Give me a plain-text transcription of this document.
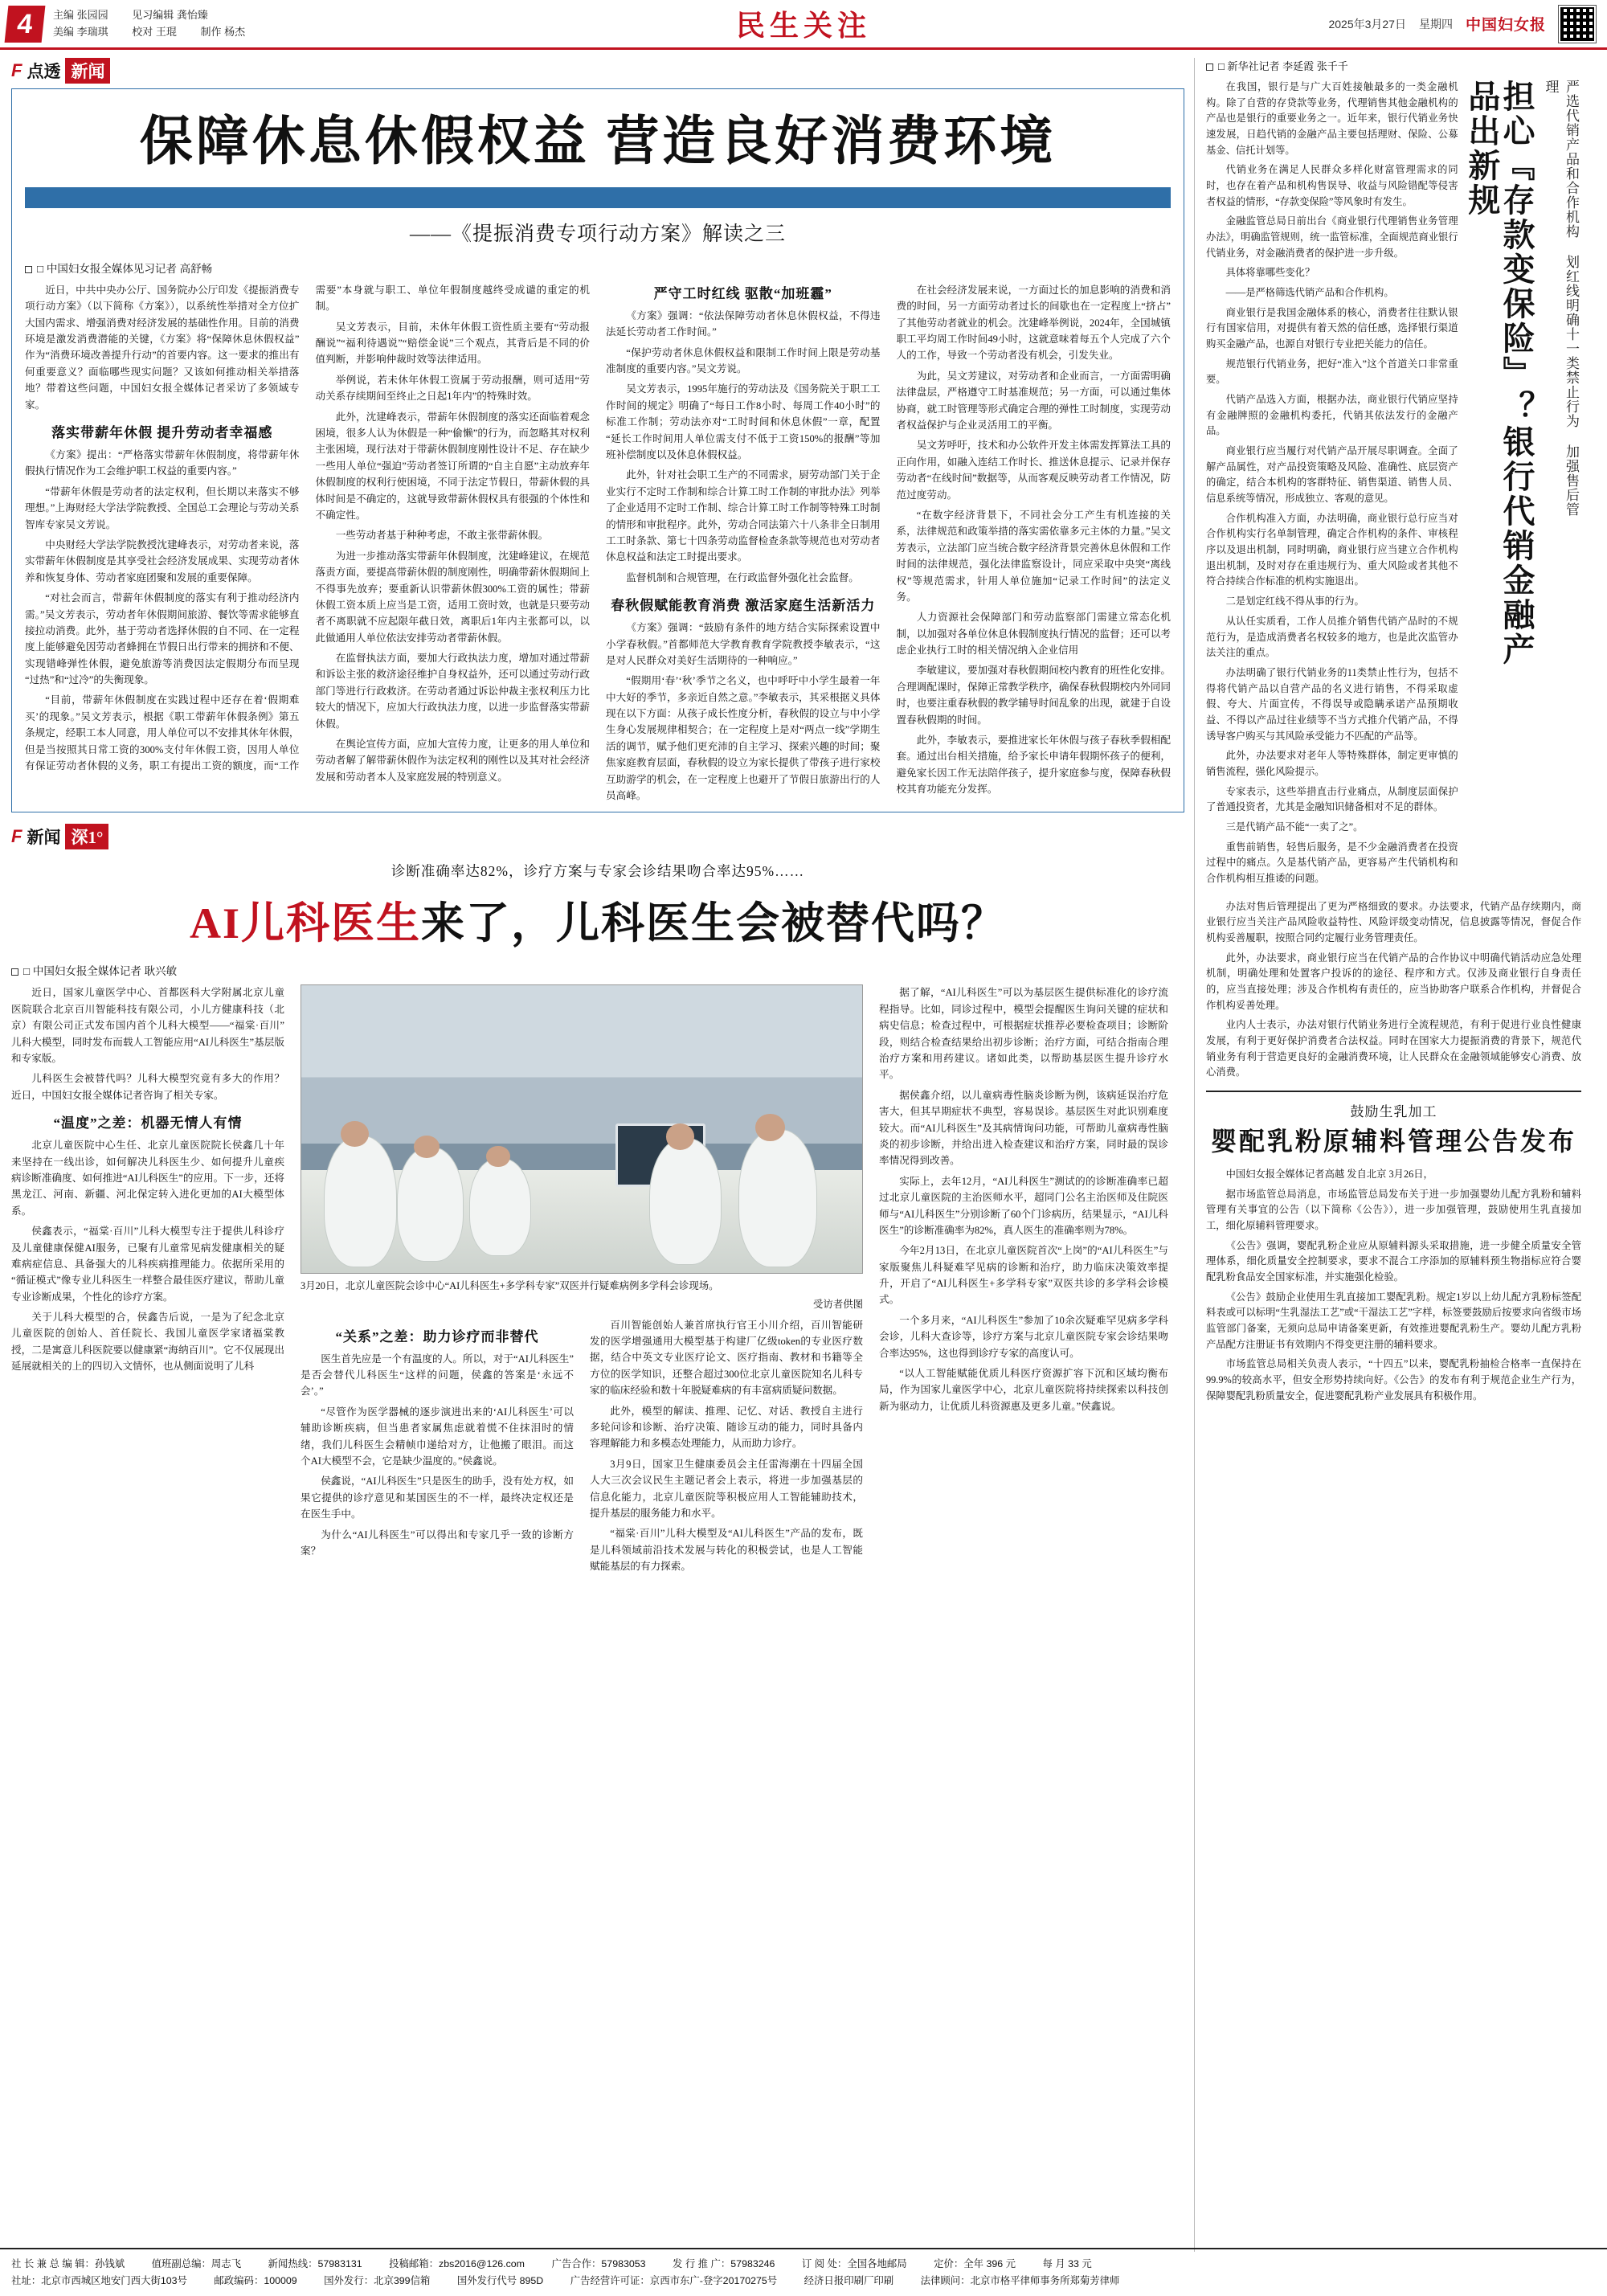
4	主编 张园园 见习编辑 龚怡臻
美编 李瑞琪 校对 王琨 制作 杨杰	民生关注	2025年3月27日 星期四 中国妇女报
F 点透 新闻
保障休息休假权益 营造良好消费环境
——《提振消费专项行动方案》解读之三
□ 中国妇女报全媒体见习记者 高舒畅

近日，中共中央办公厅、国务院办公厅印发《提振消费专项行动方案》（以下简称《方案》），以系统性举措对全方位扩大国内需求、增强消费对经济发展的基础性作用。目前的消费环境是激发消费潜能的关键，《方案》将“保障休息休假权益”作为“消费环境改善提升行动”的首要内容。这一要求的推出有何重要意义？面临哪些现实问题？又该如何推动相关举措落地？带着这些问题，中国妇女报全媒体记者采访了多领域专家。

落实带薪年休假 提升劳动者幸福感

《方案》提出：“严格落实带薪年休假制度，将带薪年休假执行情况作为工会维护职工权益的重要内容。”

“带薪年休假是劳动者的法定权利，但长期以来落实不够理想。”上海财经大学法学院教授、全国总工会理论与劳动关系智库专家吴文芳说。

中央财经大学法学院教授沈建峰表示，对劳动者来说，落实带薪年休假制度是其享受社会经济发展成果、实现劳动者休养和恢复身体、劳动者家庭团聚和发展的重要保障。

“对社会而言，带薪年休假制度的落实有利于推动经济内需。”吴文芳表示，劳动者年休假期间旅游、餐饮等需求能够直接拉动消费。此外，基于劳动者选择休假的自不同、在一定程度上能够避免因劳动者蜂拥在节假日出行带来的拥挤和不便、实现错峰弹性休假，避免旅游等消费因法定假期分布而呈现“过热”和“过冷”的失衡现象。

“目前，带薪年休假制度在实践过程中还存在着‘假期难买’的现象。”吴文芳表示，根据《职工带薪年休假条例》第五条规定，经职工本人同意，用人单位可以不安排其休年休假，但是当按照其日常工资的300%支付年休假工资，因用人单位有保证劳动者休假的义务，职工有提出工资的额度，而“工作需要”本身就与职工、单位年假制度越终受成谴的重定的机制。

吴文芳表示，目前，未休年休假工资性质主要有“劳动报酬说”“福利待遇说”“赔偿金说”三个观点，其背后是不同的价值判断，并影响仲裁时效等法律适用。

举例说，若未休年休假工资属于劳动报酬，则可适用“劳动关系存续期间至终止之日起1年内”的特殊时效。

此外，沈建峰表示，带薪年休假制度的落实还面临着观念困境，很多人认为休假是一种“偷懒”的行为，而忽略其对权利主张困境，现行法对于带薪休假制度刚性设计不足、存在缺少一些用人单位“强迫”劳动者签订所谓的“自主自愿”主动放弃年休假制度的权利行使困境，不同于法定节假日，带薪休假的具体时间是不确定的，这就导致带薪休假权具有很强的个体性和不确定性。

一些劳动者基于种种考虑，不敢主张带薪休假。

为进一步推动落实带薪年休假制度，沈建峰建议，在规范落责方面，要提高带薪休假的制度刚性，明确带薪休假期间上不得事先放弃；要重新认识带薪休假300%工资的属性；带薪休假工资本质上应当是工资，适用工资时效，也就是只要劳动者不离职就不应起限年截日效，离职后1年内主张都可以，以此做通用人单位依法安排劳动者带薪休假。

在监督执法方面，要加大行政执法力度，增加对通过带薪和诉讼主张的救济途径维护自身权益外，还可以通过劳动行政部门等进行行政救济。在劳动者通过诉讼仲裁主张权利压力比较大的情况下，应加大行政执法力度，以进一步监督落实带薪休假。

在舆论宣传方面，应加大宣传力度，让更多的用人单位和劳动者解了解带薪休假作为法定权利的刚性以及其对社会经济发展和劳动者本人及家庭发展的特别意义。

严守工时红线 驱散“加班霾”

《方案》强调：“依法保障劳动者休息休假权益，不得违法延长劳动者工作时间。”

“保护劳动者休息休假权益和限制工作时间上限是劳动基准制度的重要内容。”吴文芳说。

吴文芳表示，1995年施行的劳动法及《国务院关于职工工作时间的规定》明确了“每日工作8小时、每周工作40小时”的标准工作制；劳动法亦对“工时时间和休息休假”一章，配置“延长工作时间用人单位需支付不低于工资150%的报酬”等加班补偿制度以及休息休假权益。

此外，针对社会职工生产的不同需求，厨劳动部门关于企业实行不定时工作制和综合计算工时工作制的审批办法》列举了企业适用不定时工作制、综合计算工时工作制等特殊工时制的情形和审批程序。此外，劳动合同法第六十八条非全日制用工工时条款、第七十四条劳动监督检查条款等规范也对劳动者休息权益和法定工时提出要求。

监督机制和合规管理，在行政监督外强化社会监督。

春秋假赋能教育消费 激活家庭生活新活力

《方案》强调：“鼓励有条件的地方结合实际探索设置中小学春秋假。”首都师范大学教育教育学院教授李敏表示，“这是对人民群众对美好生活期待的一种响应。”

“假期用‘春’‘秋’季节之名义，也中呼吁中小学生最着一年中大好的季节，多亲近自然之意。”李敏表示，其采根据义具体现在以下方面：从孩子成长性度分析，春秋假的设立与中小学生身心发展规律相契合；在一定程度上是对“两点一线”学期生活的调节，赋予他们更充沛的自主学习、探索兴趣的时间；聚焦家庭教育层面，春秋假的设立为家长提供了带孩子进行家校互助游学的机会，在一定程度上也避开了节假日旅游出行的人员高峰。

在社会经济发展来说，一方面过长的加息影响的消费和消费的时间，另一方面劳动者过长的间歇也在一定程度上“挤占”了其他劳动者就业的机会。沈建峰举例说，2024年，全国城镇职工平均周工作时间49小时，这就意味着每五个人完成了六个人的工作，导致一个劳动者没有机会，引发失业。

为此，吴文芳建议，对劳动者和企业而言，一方面需明确法律盘层，严格遵守工时基准规范；另一方面，可以通过集体协商，就工时管理等形式确定合理的弹性工时制度，实现劳动者权益保护与企业灵活用工的平衡。

吴文芳呼吁，技术和办公软件开发主体需发挥算法工具的正向作用，如融入连结工作时长、推送休息提示、记录并保存劳动者“在线时间”数据等，从而客观反映劳动者工作情况，防范过度劳动。

“在数字经济背景下，不同社会分工产生有机连接的关系，法律规范和政策举措的落实需依靠多元主体的力量。”吴文芳表示，立法部门应当统合数字经济背景完善休息休假和工作时间的法律规范，强化法律监察设计，同应采取中央突“离线权”等规范需求，针用人单位施加“记录工作时间”的法定义务。

人力资源社会保障部门和劳动监察部门需建立常态化机制，以加强对各单位休息休假制度执行情况的监督；还可以考虑企业执行工时的相关情况纳入企业信用

李敏建议，要加强对春秋假期间校内教育的班性化安排。合理调配课时，保障正常教学秩序，确保春秋假期校内外同同时，也要注重春秋假的教学辅导时间乱象的出现，就建于自设置春秋假期的时间。

此外，李敏表示，要推进家长年休假与孩子春秋季假相配套。通过出台相关措施，给予家长申请年假期怀孩子的便利，避免家长因工作无法陪伴孩子，提升家庭参与度，保障春秋假校其育功能充分发挥。

F 新闻 深1°
诊断准确率达82%，诊疗方案与专家会诊结果吻合率达95%……
AI儿科医生来了，儿科医生会被替代吗？
□ 中国妇女报全媒体记者 耿兴敏

近日，国家儿童医学中心、首都医科大学附属北京儿童医院联合北京百川智能科技有限公司，小儿方健康科技（北京）有限公司正式发布国内首个儿科大模型——“福棠·百川”儿科大模型，同时发布而载人工智能应用“AI儿科医生”基层版和专家版。

儿科医生会被替代吗？儿科大模型究竟有多大的作用？近日，中国妇女报全媒体记者咨询了相关专家。

“温度”之差：机器无情人有情

北京儿童医院中心生任、北京儿童医院院长侯鑫几十年来坚持在一线出诊，如何解决儿科医生少、如何提升儿童疾病诊断准确度、如何推进“AI儿科医生”的应用。下一步，还将黑龙江、河南、新疆、河北保定转入进化更加的AI大模型体系。

侯鑫表示，“福棠·百川”儿科大模型专注于提供儿科诊疗及儿童健康保健AI服务，已聚有儿童常见病发健康相关的疑难病症信息、具备强大的儿科疾病推理能力。依据所采用的“循证模式”像专业儿科医生一样整合最佳医疗建议，帮助儿童专业诊断成果，个性化的诊疗方案。

关于儿科大模型的合，侯鑫告后说，一是为了纪念北京儿童医院的创始人、首任院长、我国儿童医学家诸福棠教授，二是寓意儿科医院要以健康紧“海纳百川”。它不仅展现出延展就相关的上的四切入文情怀，也从侧面说明了儿科

3月20日，北京儿童医院会诊中心“AI儿科医生+多学科专家”双医并行疑难病例多学科会诊现场。
受访者供图
“关系”之差：助力诊疗而非替代

医生首先应是一个有温度的人。所以，对于“AI儿科医生”是否会替代儿科医生“这样的问题，侯鑫的答案是‘永远不会’。”

“尽管作为医学器械的逐步演进出来的‘AI儿科医生’可以辅助诊断疾病，但当患者家属焦虑就着慌不住抹泪时的情绪，我们儿科医生会精帧巾递给对方，让他搬了眼泪。而这个AI大模型不会，它是缺少温度的。”侯鑫说。

侯鑫说，“AI儿科医生”只是医生的助手，没有处方权，如果它提供的诊疗意见和某国医生的不一样，最终决定权还是在医生手中。

为什么“AI儿科医生”可以得出和专家几乎一致的诊断方案？

百川智能创始人兼首席执行官王小川介绍，百川智能研发的医学增强通用大模型基于构建厂亿级token的专业医疗数据，结合中英文专业医疗论文、医疗指南、教材和书籍等全方位的医学知识，还整合超过300位北京儿童医院知名儿科专家的临床经验和数十年脱疑难病的有丰富病质疑问数据。

此外，模型的解读、推理、记忆、对话、教授自主进行多轮问诊和诊断、治疗决策、随诊互动的能力，同时具备内容理解能力和多模态处理能力，从而助力诊疗。

3月9日，国家卫生健康委员会主任雷海潮在十四届全国人大三次会议民生主题记者会上表示，将进一步加强基层的信息化能力，北京儿童医院等积极应用人工智能辅助技术，提升基层的服务能力和水平。

“福棠·百川”儿科大模型及“AI儿科医生”产品的发布，既是儿科领域前沿技术发展与转化的积极尝试，也是人工智能赋能基层的有力探索。

据了解，“AI儿科医生”可以为基层医生提供标准化的诊疗流程指导。比如，同诊过程中，模型会提醒医生询问关键的症状和病史信息；检查过程中，可根据症状推荐必要检查项目；诊断阶段，则结合检查结果给出初步诊断；治疗方面，可结合指南合理治疗方案和用药建议。诸如此类，以帮助基层医生提升诊疗水平。

据侯鑫介绍，以儿童病毒性脑炎诊断为例，该病延误治疗危害大，但其早期症状不典型，容易误诊。基层医生对此识别难度较大。而“AI儿科医生”及其病情询问功能，可帮助儿童病毒性脑炎的初步诊断，并给出进入检查建议和治疗方案，同时最的误诊率情况得到改善。

实际上，去年12月，“AI儿科医生”测试的的诊断准确率已超过北京儿童医院的主治医师水平，超同门公名主治医师及住院医师与“AI儿科医生”分别诊断了60个门诊病历，结果显示，“AI儿科医生”的诊断准确率为82%，真人医生的准确率则为78%。

今年2月13日，在北京儿童医院首次“上岗”的“AI儿科医生”与家版聚焦儿科疑难罕见病的诊断和治疗，助力临床决策效率提升，开启了“AI儿科医生+多学科专家”双医共诊的多学科会诊模式。

一个多月来，“AI儿科医生”参加了10余次疑难罕见病多学科会诊，儿科大查诊等，诊疗方案与北京儿童医院专家会诊结果吻合率达95%，这也得到诊疗专家的高度认可。

“以人工智能赋能优质儿科医疗资源扩容下沉和区域均衡布局，作为国家儿童医学中心，北京儿童医院将持续探索以科技创新为驱动力，让优质儿科资源惠及更多儿童。”侯鑫说。

□ 新华社记者 李延霞 张千千
严选代销产品和合作机构 划红线明确十一类禁止行为 加强售后管理
担心『存款变保险』？银行代销金融产品出新规

在我国，银行是与广大百姓接触最多的一类金融机构。除了自营的存贷款等业务，代理销售其他金融机构的产品也是银行的重要业务之一。近年来，银行代销业务快速发展，日趋代销的金融产品主要包括理财、保险、公募基金、信托计划等。

代销业务在满足人民群众多样化财富管理需求的同时，也存在着产品和机构售误导、收益与风险错配等侵害者权益的情形，“存款变保险”等风象时有发生。

金融监管总局日前出台《商业银行代理销售业务管理办法》，明确监管规则，统一监管标准，全面规范商业银行代销业务，对金融消费者的保护进一步升级。

具体将靠哪些变化？

——是严格筛选代销产品和合作机构。

商业银行是我国金融体系的核心，消费者往往默认银行有国家信用，对提供有着天然的信任感，选择银行渠道购买金融产品，也源自对银行专业把关能力的信任。

规范银行代销业务，把好“准入”这个首道关口非常重要。

代销产品选入方面，根据办法，商业银行代销应坚持有金融牌照的金融机构委托，代销其依法发行的金融产品。

商业银行应当履行对代销产品开展尽职调查。全面了解产品属性，对产品投资策略及风险、准确性、底层资产的确定，结合本机构的客群特征、销售渠道、销售人员、信息系统等情况，形成独立、客观的意见。

合作机构准入方面，办法明确，商业银行总行应当对合作机构实行名单制管理，确定合作机构的条件、审核程序以及退出机制，同时明确，商业银行应当建立合作机构退出机制，及时对存在重违规行为、重大风险或者其他不符合持续合作标准的机构实施退出。

二是划定红线不得从事的行为。

从认任实质看，工作人员推介销售代销产品时的不规范行为，是造成消费者名权较多的地方，也是此次监管办法关注的重点。

办法明确了银行代销业务的11类禁止性行为，包括不得将代销产品以自营产品的名义进行销售，不得采取虚假、夸大、片面宣传，不得误导或隐瞒承诺产品预期收益、不得以产品过往业绩等不当方式推介代销产品，不得诱导客户购买与其风险承受能力不匹配的产品等。

此外，办法要求对老年人等特殊群体，制定更审慎的销售流程，强化风险提示。

专家表示，这些举措直击行业痛点，从制度层面保护了普通投资者，尤其是金融知识储备相对不足的群体。

三是代销产品不能“一卖了之”。

重售前销售，轻售后服务，是不少金融消费者在投资过程中的痛点。久是基代销产品，更容易产生代销机构和合作机构相互推诿的问题。

办法对售后管理提出了更为严格细致的要求。办法要求，代销产品存续期内，商业银行应当关注产品风险收益特性、风险评级变动情况，信息披露等情况，督促合作机构妥善履职，按照合同约定履行业务管理责任。

此外，办法要求，商业银行应当在代销产品的合作协议中明确代销活动应急处理机制，明确处理和处置客户投诉的的途径、程序和方式。仅涉及商业银行自身责任的，应当直接处理；涉及合作机构有责任的，应当协助客户联系合作机构，并督促合作机构妥善处理。

业内人士表示，办法对银行代销业务进行全流程规范，有利于促进行业良性健康发展，有利于更好保护消费者合法权益。同时在国家大力提振消费的背景下，规范代销业务有利于营造更良好的金融消费环境，让人民群众在金融领域能够安心消费、放心消费。

鼓励生乳加工
婴配乳粉原辅料管理公告发布

中国妇女报全媒体记者高越 发自北京 3月26日，

据市场监管总局消息，市场监管总局发布关于进一步加强婴幼儿配方乳粉和辅料管理有关事宜的公告（以下简称《公告》），进一步加强管理，鼓励使用生乳直接加工，细化原辅料管理要求。

《公告》强调，婴配乳粉企业应从原辅料源头采取措施，进一步健全质量安全管理体系，细化质量安全控制要求，要求不混合工序添加的原辅料预生物指标应符合婴配乳粉食品安全国家标准，并实施强化检验。

《公告》鼓励企业使用生乳直接加工婴配乳粉。规定1岁以上幼儿配方乳粉标签配料表或可以标明“生乳湿法工艺”或“干湿法工艺”字样，标签要鼓励后按要求向省级市场监管部门备案，无须向总局申请备案更新，有效推进婴配乳粉生产。婴幼儿配方乳粉产品配方注册证书有效期内不得变更注册的辅料要求。

市场监管总局相关负责人表示，“十四五”以来，婴配乳粉抽检合格率一直保持在99.9%的较高水平，但安全形势持续向好。《公告》的发布有利于规范企业生产行为，保障婴配乳粉质量安全，促进婴配乳粉产业发展具有积极作用。

社 长 兼 总 编 辑：孙钱斌	值班副总编：周志飞	新闻热线：57983131	投稿邮箱：zbs2016@126.com	广告合作：57983053	发 行 推 广：57983246	订 阅 处：全国各地邮局	定价：全年 396 元	每 月 33 元
社址：北京市西城区地安门西大街103号	邮政编码：100009	国外发行：北京399信箱	国外发行代号 895D	广告经营许可证：京西市东广-登字20170275号	经济日报印刷厂印刷	法律顾问：北京市格平律师事务所郑菊芳律师
